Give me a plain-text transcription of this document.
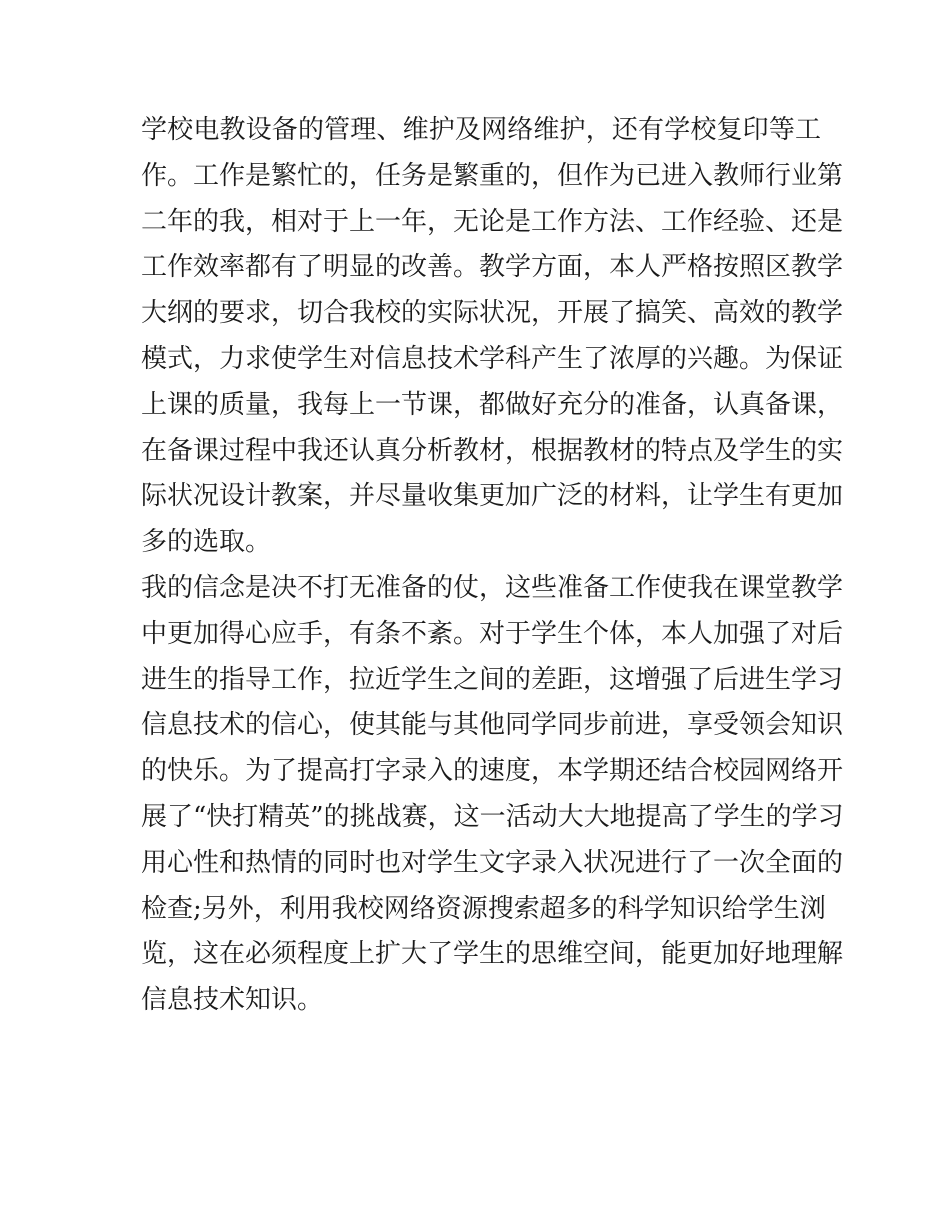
学校电教设备的管理、维护及网络维护，还有学校复印等工
作。工作是繁忙的，任务是繁重的，但作为已进入教师行业第
二年的我，相对于上一年，无论是工作方法、工作经验、还是
工作效率都有了明显的改善。教学方面，本人严格按照区教学
大纲的要求，切合我校的实际状况，开展了搞笑、高效的教学
模式，力求使学生对信息技术学科产生了浓厚的兴趣。为保证
上课的质量，我每上一节课，都做好充分的准备，认真备课，
在备课过程中我还认真分析教材，根据教材的特点及学生的实
际状况设计教案，并尽量收集更加广泛的材料，让学生有更加
多的选取。
我的信念是决不打无准备的仗，这些准备工作使我在课堂教学
中更加得心应手，有条不紊。对于学生个体，本人加强了对后
进生的指导工作，拉近学生之间的差距，这增强了后进生学习
信息技术的信心，使其能与其他同学同步前进，享受领会知识
的快乐。为了提高打字录入的速度，本学期还结合校园网络开
展了“快打精英”的挑战赛，这一活动大大地提高了学生的学习
用心性和热情的同时也对学生文字录入状况进行了一次全面的
检查;另外，利用我校网络资源搜索超多的科学知识给学生浏
览，这在必须程度上扩大了学生的思维空间，能更加好地理解
信息技术知识。
